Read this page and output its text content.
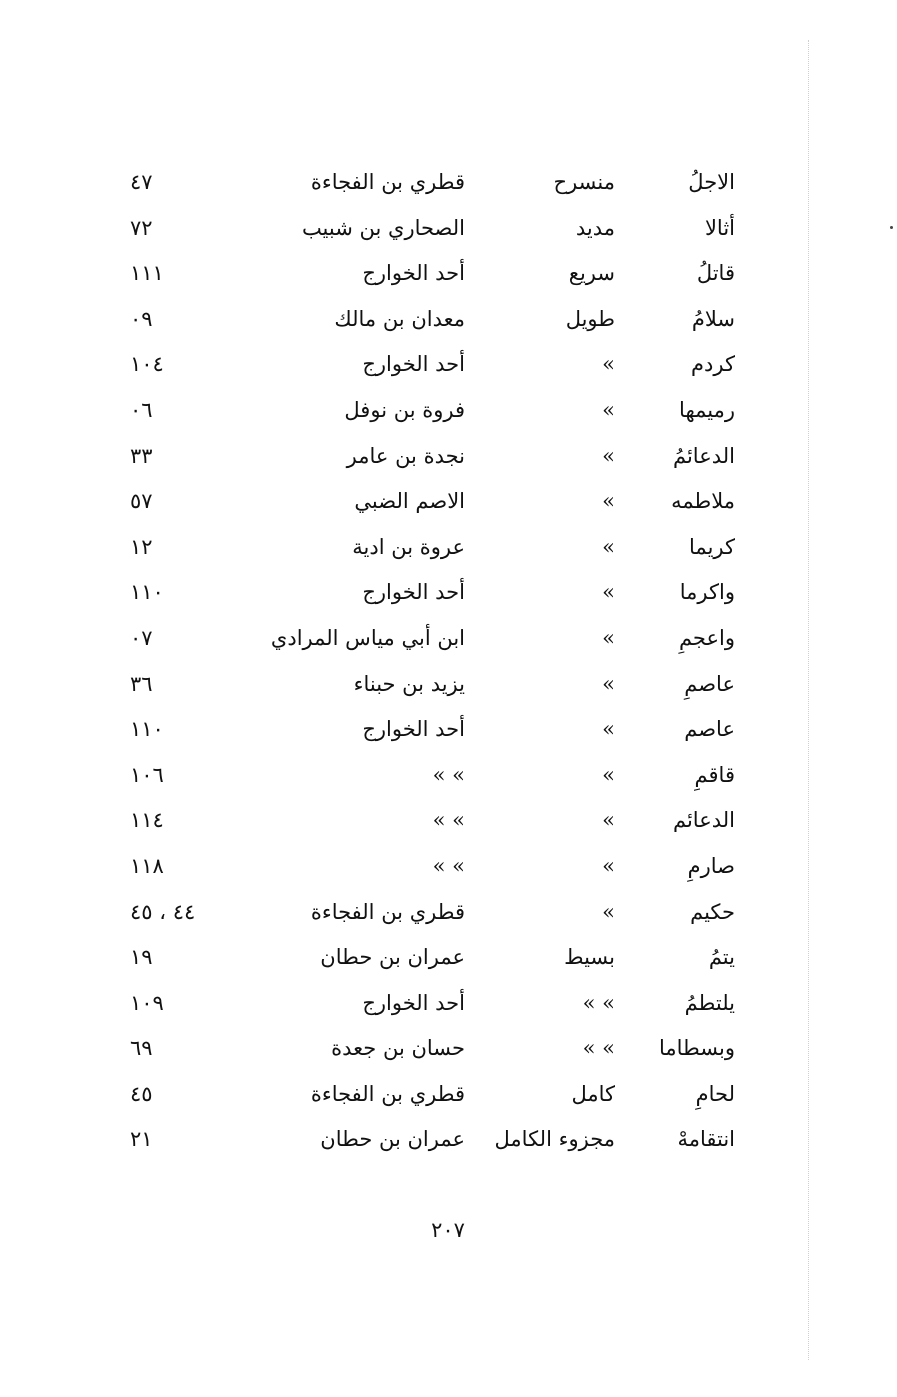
الاجلُ
منسرح
قطري بن الفجاءة
٤٧
أثالا
مديد
الصحاري بن شبيب
٧٢
قاتلُ
سريع
أحد الخوارج
١١١
سلامُ
طويل
معدان بن مالك
٠٩
كردم
»
أحد الخوارج
١٠٤
رميمها
»
فروة بن نوفل
٠٦
الدعائمُ
»
نجدة بن عامر
٣٣
ملاطمه
»
الاصم الضبي
٥٧
كريما
»
عروة بن ادية
١٢
واكرما
»
أحد الخوارج
١١٠
واعجمِ
»
ابن أبي مياس المرادي
٠٧
عاصمِ
»
يزيد بن حبناء
٣٦
عاصم
»
أحد الخوارج
١١٠
قاقمِ
»
» »
١٠٦
الدعائم
»
» »
١١٤
صارمِ
»
» »
١١٨
حكيم
»
قطري بن الفجاءة
٤٤ ، ٤٥
يتمُ
بسيط
عمران بن حطان
١٩
يلتطمُ
» »
أحد الخوارج
١٠٩
وبسطاما
» »
حسان بن جعدة
٦٩
لحامِ
كامل
قطري بن الفجاءة
٤٥
انتقامهْ
مجزوء الكامل
عمران بن حطان
٢١
٢٠٧
